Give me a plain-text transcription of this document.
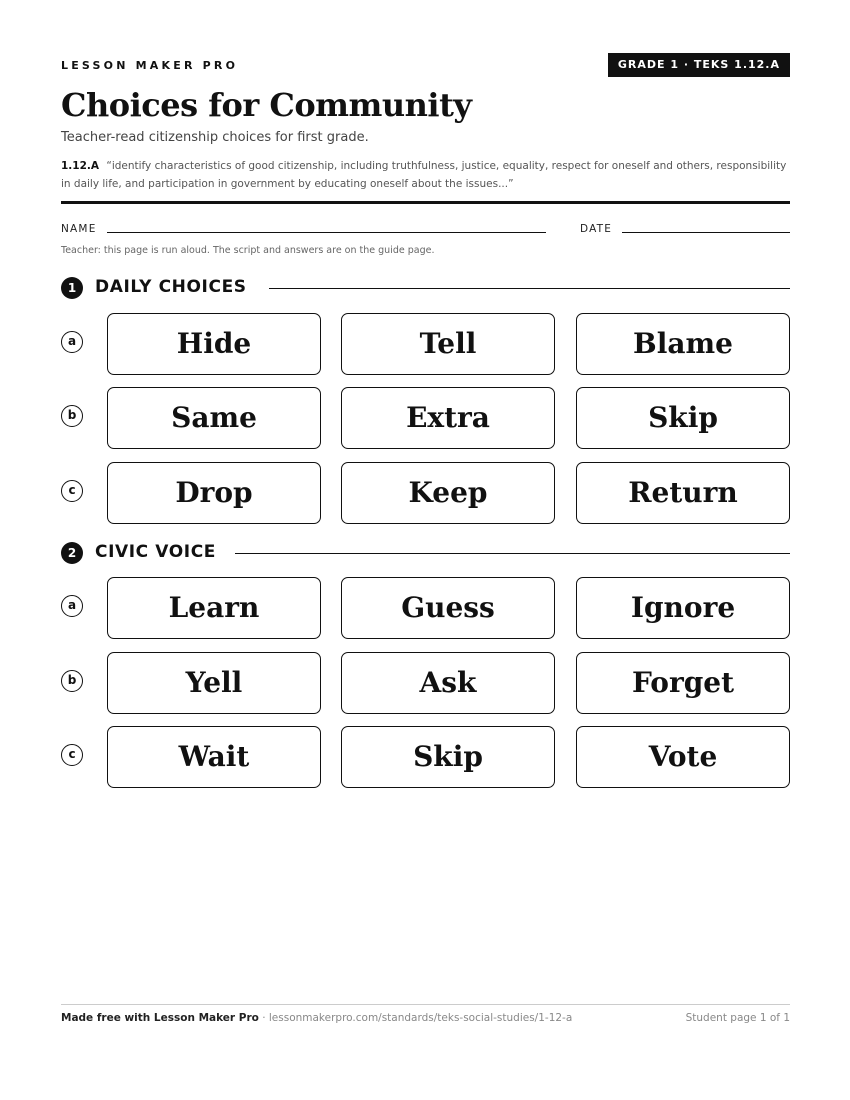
LESSON MAKER PRO	GRADE 1 · TEKS 1.12.A
Choices for Community
Teacher-read citizenship choices for first grade.
1.12.A “identify characteristics of good citizenship, including truthfulness, justice, equality, respect for oneself and others, responsibility in daily life, and participation in government by educating oneself about the issues...”
NAME	DATE
Teacher: this page is run aloud. The script and answers are on the guide page.
1	DAILY CHOICES
a	Hide	Tell	Blame
b	Same	Extra	Skip
c	Drop	Keep	Return
2	CIVIC VOICE
a	Learn	Guess	Ignore
b	Yell	Ask	Forget
c	Wait	Skip	Vote
Made free with Lesson Maker Pro · lessonmakerpro.com/standards/teks-social-studies/1-12-a	Student page 1 of 1
